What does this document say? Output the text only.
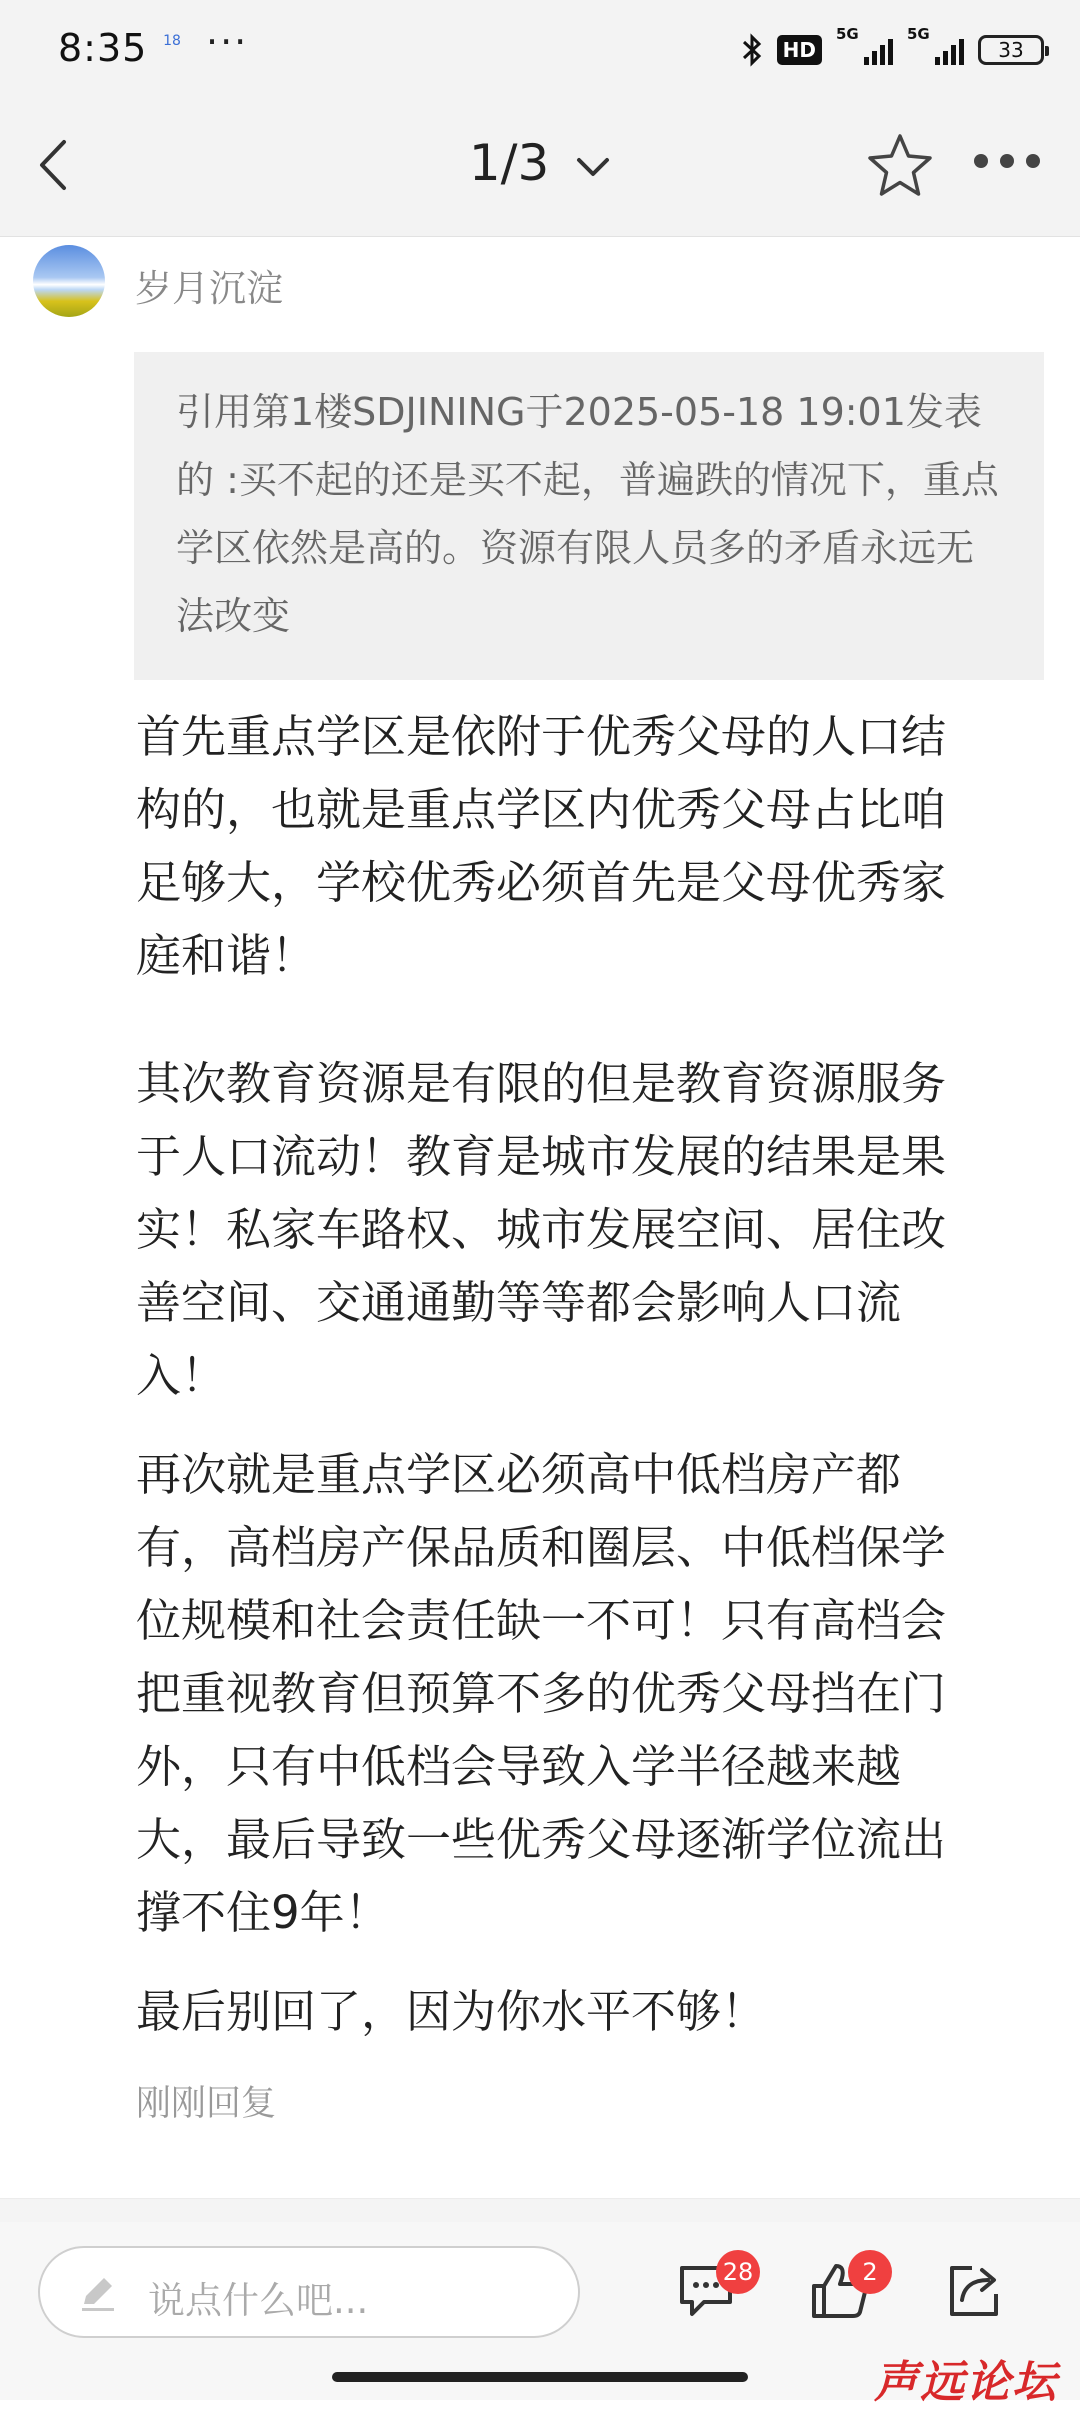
8:35	18 ···	HD
5G	5G
33
1/3
岁月沉淀

引用第1楼SDJINING于2025-05-18 19:01发表的 :买不起的还是买不起，普遍跌的情况下，重点学区依然是高的。资源有限人员多的矛盾永远无法改变

首先重点学区是依附于优秀父母的人口结构的，也就是重点学区内优秀父母占比咱足够大，学校优秀必须首先是父母优秀家庭和谐！

其次教育资源是有限的但是教育资源服务于人口流动！教育是城市发展的结果是果实！私家车路权、城市发展空间、居住改善空间、交通通勤等等都会影响人口流入！

再次就是重点学区必须高中低档房产都有，高档房产保品质和圈层、中低档保学位规模和社会责任缺一不可！只有高档会把重视教育但预算不多的优秀父母挡在门外，只有中低档会导致入学半径越来越大，最后导致一些优秀父母逐渐学位流出撑不住9年！

最后别回了，因为你水平不够！

刚刚回复
说点什么吧...
28	2
声远论坛
